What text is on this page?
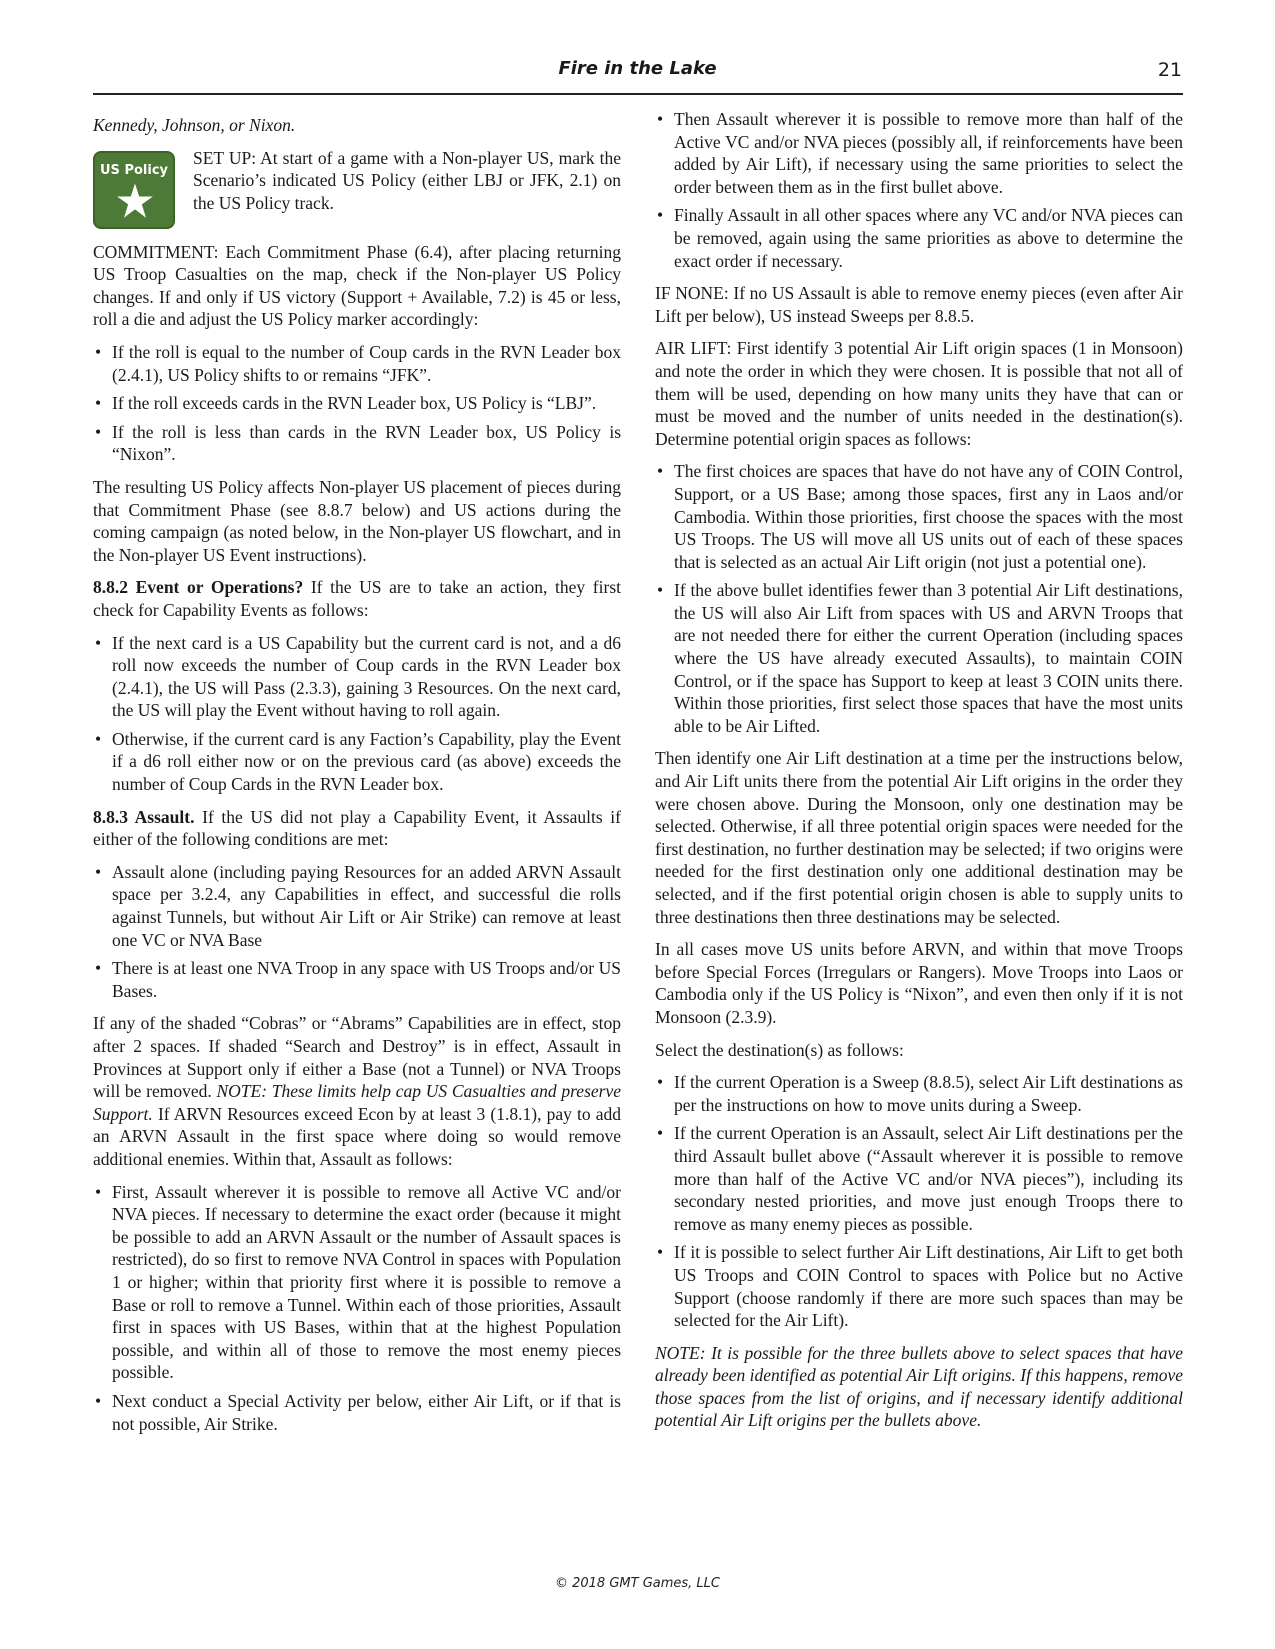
Fire in the Lake	21

Kennedy, Johnson, or Nixon.

US Policy
SET UP: At start of a game with a Non-player US, mark the Scenario’s indicated US Policy (either LBJ or JFK, 2.1) on the US Policy track.

COMMITMENT: Each Commitment Phase (6.4), after placing returning US Troop Casualties on the map, check if the Non-player US Policy changes. If and only if US victory (Support + Available, 7.2) is 45 or less, roll a die and adjust the US Policy marker accordingly:

• If the roll is equal to the number of Coup cards in the RVN Leader box (2.4.1), US Policy shifts to or remains “JFK”.
• If the roll exceeds cards in the RVN Leader box, US Policy is “LBJ”.
• If the roll is less than cards in the RVN Leader box, US Policy is “Nixon”.

The resulting US Policy affects Non-player US placement of pieces during that Commitment Phase (see 8.8.7 below) and US actions during the coming campaign (as noted below, in the Non-player US flowchart, and in the Non-player US Event instructions).

8.8.2 Event or Operations? If the US are to take an action, they first check for Capability Events as follows:

• If the next card is a US Capability but the current card is not, and a d6 roll now exceeds the number of Coup cards in the RVN Leader box (2.4.1), the US will Pass (2.3.3), gaining 3 Resources. On the next card, the US will play the Event without having to roll again.
• Otherwise, if the current card is any Faction’s Capability, play the Event if a d6 roll either now or on the previous card (as above) exceeds the number of Coup Cards in the RVN Leader box.

8.8.3 Assault. If the US did not play a Capability Event, it Assaults if either of the following conditions are met:

• Assault alone (including paying Resources for an added ARVN Assault space per 3.2.4, any Capabilities in effect, and successful die rolls against Tunnels, but without Air Lift or Air Strike) can remove at least one VC or NVA Base
• There is at least one NVA Troop in any space with US Troops and/or US Bases.

If any of the shaded “Cobras” or “Abrams” Capabilities are in effect, stop after 2 spaces. If shaded “Search and Destroy” is in effect, Assault in Provinces at Support only if either a Base (not a Tunnel) or NVA Troops will be removed. NOTE: These limits help cap US Casualties and preserve Support. If ARVN Resources exceed Econ by at least 3 (1.8.1), pay to add an ARVN Assault in the first space where doing so would remove additional enemies. Within that, Assault as follows:

• First, Assault wherever it is possible to remove all Active VC and/or NVA pieces. If necessary to determine the exact order (because it might be possible to add an ARVN Assault or the number of Assault spaces is restricted), do so first to remove NVA Control in spaces with Population 1 or higher; within that priority first where it is possible to remove a Base or roll to remove a Tunnel. Within each of those priorities, Assault first in spaces with US Bases, within that at the highest Population possible, and within all of those to remove the most enemy pieces possible.
• Next conduct a Special Activity per below, either Air Lift, or if that is not possible, Air Strike.
• Then Assault wherever it is possible to remove more than half of the Active VC and/or NVA pieces (possibly all, if reinforcements have been added by Air Lift), if necessary using the same priorities to select the order between them as in the first bullet above.
• Finally Assault in all other spaces where any VC and/or NVA pieces can be removed, again using the same priorities as above to determine the exact order if necessary.

IF NONE: If no US Assault is able to remove enemy pieces (even after Air Lift per below), US instead Sweeps per 8.8.5.

AIR LIFT: First identify 3 potential Air Lift origin spaces (1 in Monsoon) and note the order in which they were chosen. It is possible that not all of them will be used, depending on how many units they have that can or must be moved and the number of units needed in the destination(s). Determine potential origin spaces as follows:

• The first choices are spaces that have do not have any of COIN Control, Support, or a US Base; among those spaces, first any in Laos and/or Cambodia. Within those priorities, first choose the spaces with the most US Troops. The US will move all US units out of each of these spaces that is selected as an actual Air Lift origin (not just a potential one).
• If the above bullet identifies fewer than 3 potential Air Lift destinations, the US will also Air Lift from spaces with US and ARVN Troops that are not needed there for either the current Operation (including spaces where the US have already executed Assaults), to maintain COIN Control, or if the space has Support to keep at least 3 COIN units there. Within those priorities, first select those spaces that have the most units able to be Air Lifted.

Then identify one Air Lift destination at a time per the instructions below, and Air Lift units there from the potential Air Lift origins in the order they were chosen above. During the Monsoon, only one destination may be selected. Otherwise, if all three potential origin spaces were needed for the first destination, no further destination may be selected; if two origins were needed for the first destination only one additional destination may be selected, and if the first potential origin chosen is able to supply units to three destinations then three destinations may be selected.

In all cases move US units before ARVN, and within that move Troops before Special Forces (Irregulars or Rangers). Move Troops into Laos or Cambodia only if the US Policy is “Nixon”, and even then only if it is not Monsoon (2.3.9).

Select the destination(s) as follows:

• If the current Operation is a Sweep (8.8.5), select Air Lift destinations as per the instructions on how to move units during a Sweep.
• If the current Operation is an Assault, select Air Lift destinations per the third Assault bullet above (“Assault wherever it is possible to remove more than half of the Active VC and/or NVA pieces”), including its secondary nested priorities, and move just enough Troops there to remove as many enemy pieces as possible.
• If it is possible to select further Air Lift destinations, Air Lift to get both US Troops and COIN Control to spaces with Police but no Active Support (choose randomly if there are more such spaces than may be selected for the Air Lift).

NOTE: It is possible for the three bullets above to select spaces that have already been identified as potential Air Lift origins. If this happens, remove those spaces from the list of origins, and if necessary identify additional potential Air Lift origins per the bullets above.

© 2018 GMT Games, LLC
